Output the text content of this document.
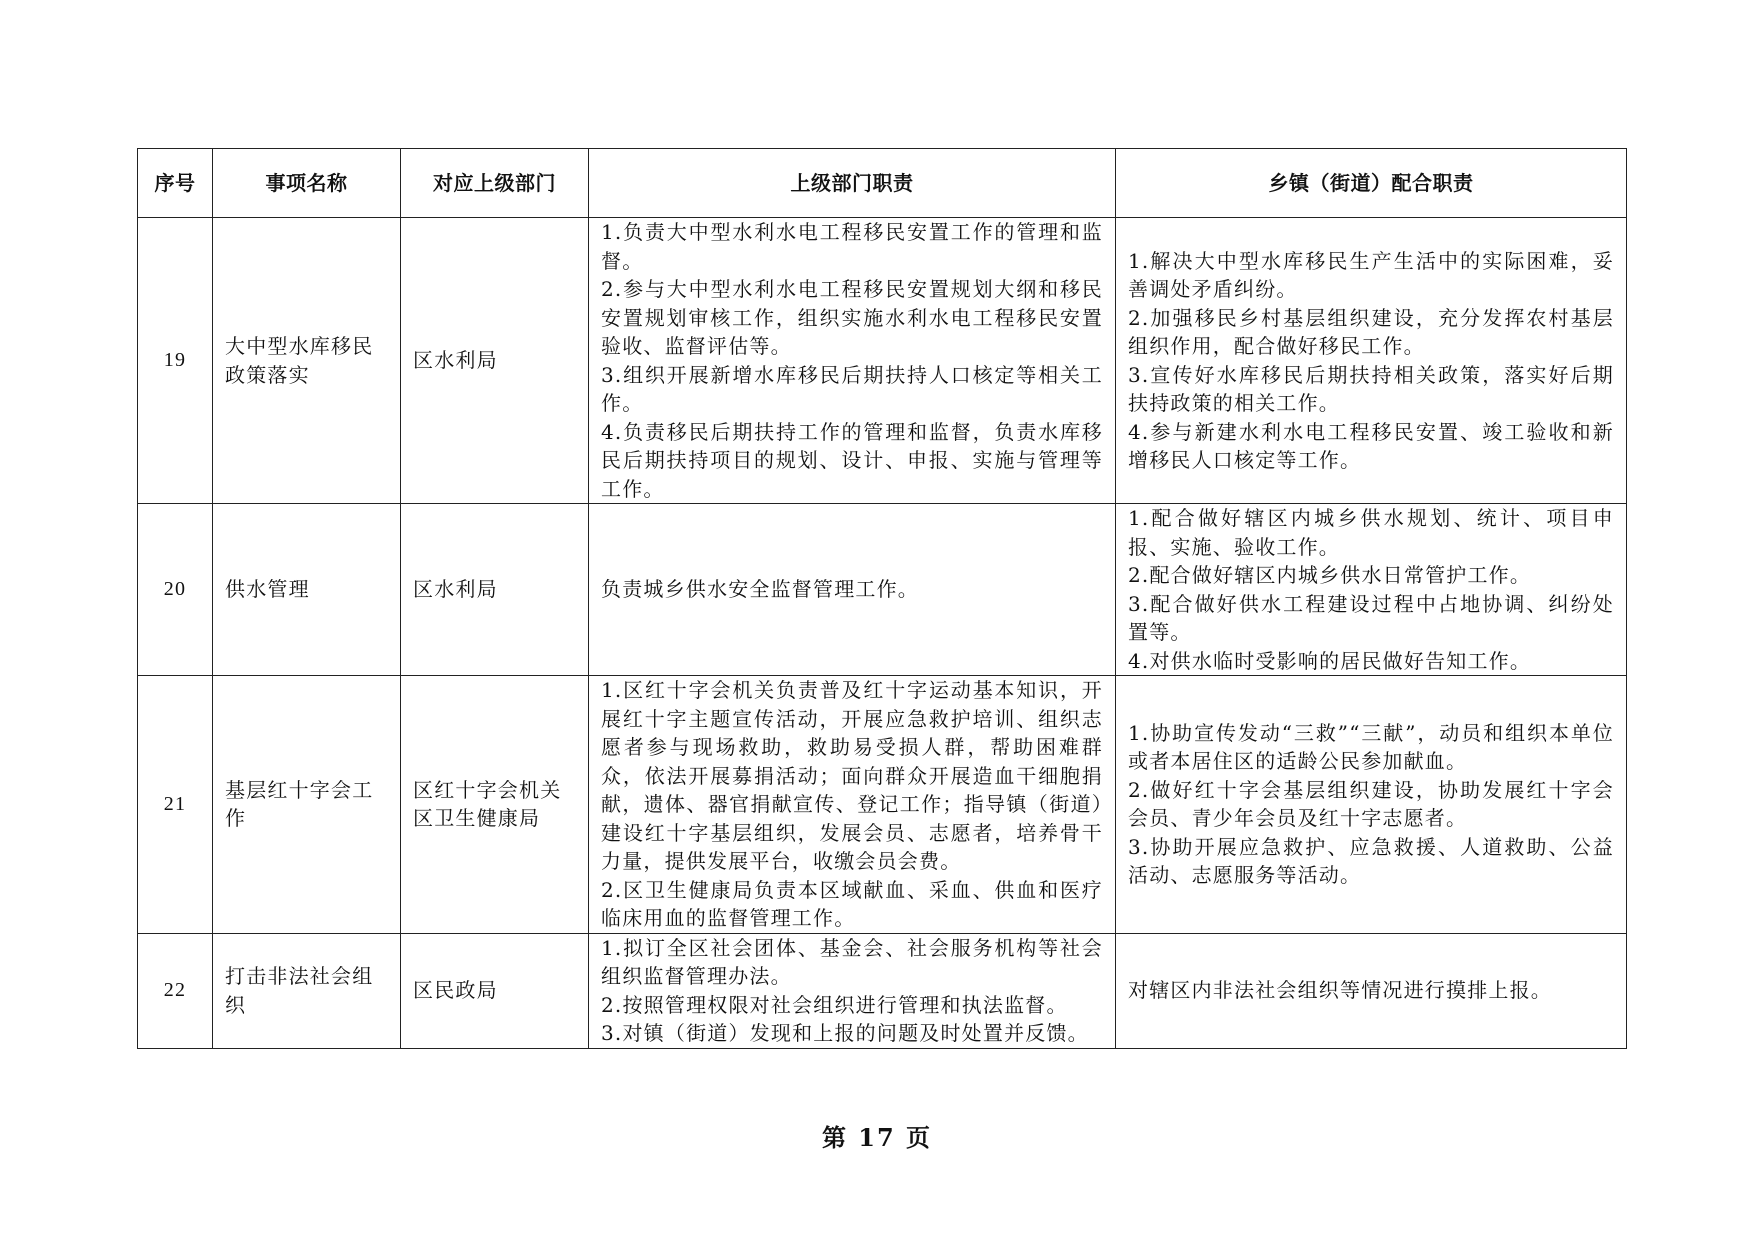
序号	事项名称	对应上级部门	上级部门职责	乡镇（街道）配合职责
19	大中型水库移民政策落实	区水利局	1.负责大中型水利水电工程移民安置工作的管理和监督。
2.参与大中型水利水电工程移民安置规划大纲和移民安置规划审核工作，组织实施水利水电工程移民安置验收、监督评估等。
3.组织开展新增水库移民后期扶持人口核定等相关工作。
4.负责移民后期扶持工作的管理和监督，负责水库移民后期扶持项目的规划、设计、申报、实施与管理等工作。	1.解决大中型水库移民生产生活中的实际困难，妥善调处矛盾纠纷。
2.加强移民乡村基层组织建设，充分发挥农村基层组织作用，配合做好移民工作。
3.宣传好水库移民后期扶持相关政策，落实好后期扶持政策的相关工作。
4.参与新建水利水电工程移民安置、竣工验收和新增移民人口核定等工作。

20	供水管理	区水利局	负责城乡供水安全监督管理工作。	1.配合做好辖区内城乡供水规划、统计、项目申报、实施、验收工作。
2.配合做好辖区内城乡供水日常管护工作。
3.配合做好供水工程建设过程中占地协调、纠纷处置等。
4.对供水临时受影响的居民做好告知工作。

21	基层红十字会工作	区红十字会机关
区卫生健康局	1.区红十字会机关负责普及红十字运动基本知识，开展红十字主题宣传活动，开展应急救护培训、组织志愿者参与现场救助，救助易受损人群，帮助困难群众，依法开展募捐活动；面向群众开展造血干细胞捐献，遗体、器官捐献宣传、登记工作；指导镇（街道）建设红十字基层组织，发展会员、志愿者，培养骨干力量，提供发展平台，收缴会员会费。
2.区卫生健康局负责本区域献血、采血、供血和医疗临床用血的监督管理工作。	1.协助宣传发动“三救”“三献”，动员和组织本单位或者本居住区的适龄公民参加献血。
2.做好红十字会基层组织建设，协助发展红十字会会员、青少年会员及红十字志愿者。
3.协助开展应急救护、应急救援、人道救助、公益活动、志愿服务等活动。

22	打击非法社会组织	区民政局	1.拟订全区社会团体、基金会、社会服务机构等社会组织监督管理办法。
2.按照管理权限对社会组织进行管理和执法监督。
3.对镇（街道）发现和上报的问题及时处置并反馈。	对辖区内非法社会组织等情况进行摸排上报。
第 17 页
